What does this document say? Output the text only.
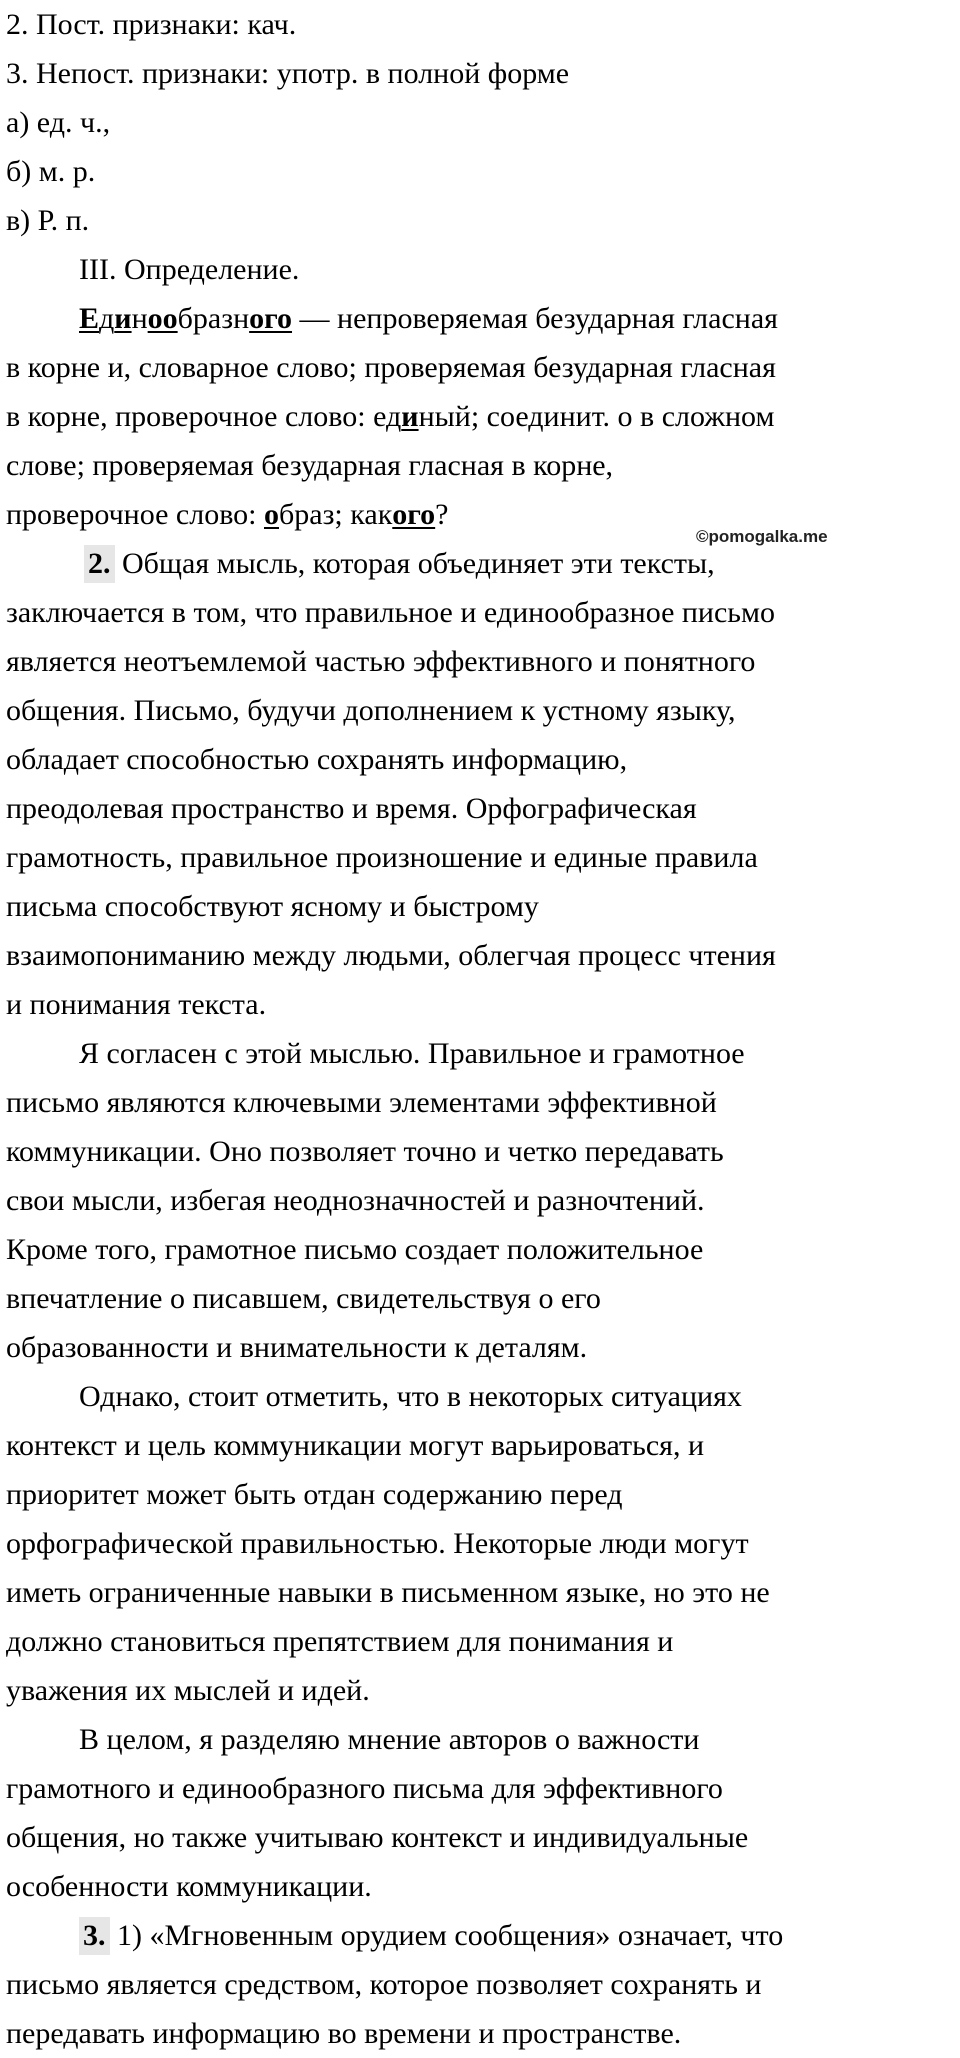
2. Пост. признаки: кач.
3. Непост. признаки: употр. в полной форме
а) ед. ч.,
б) м. р.
в) Р. п.
III. Определение.
Единообразного — непроверяемая безударная гласная
в корне и, словарное слово; проверяемая безударная гласная
в корне, проверочное слово: единый; соединит. о в сложном
слове; проверяемая безударная гласная в корне,
проверочное слово: образ; какого?
2. Общая мысль, которая объединяет эти тексты,
заключается в том, что правильное и единообразное письмо
является неотъемлемой частью эффективного и понятного
общения. Письмо, будучи дополнением к устному языку,
обладает способностью сохранять информацию,
преодолевая пространство и время. Орфографическая
грамотность, правильное произношение и единые правила
письма способствуют ясному и быстрому
взаимопониманию между людьми, облегчая процесс чтения
и понимания текста.
Я согласен с этой мыслью. Правильное и грамотное
письмо являются ключевыми элементами эффективной
коммуникации. Оно позволяет точно и четко передавать
свои мысли, избегая неоднозначностей и разночтений.
Кроме того, грамотное письмо создает положительное
впечатление о писавшем, свидетельствуя о его
образованности и внимательности к деталям.
Однако, стоит отметить, что в некоторых ситуациях
контекст и цель коммуникации могут варьироваться, и
приоритет может быть отдан содержанию перед
орфографической правильностью. Некоторые люди могут
иметь ограниченные навыки в письменном языке, но это не
должно становиться препятствием для понимания и
уважения их мыслей и идей.
В целом, я разделяю мнение авторов о важности
грамотного и единообразного письма для эффективного
общения, но также учитываю контекст и индивидуальные
особенности коммуникации.
3. 1) «Мгновенным орудием сообщения» означает, что
письмо является средством, которое позволяет сохранять и
передавать информацию во времени и пространстве.
©pomogalka.me
